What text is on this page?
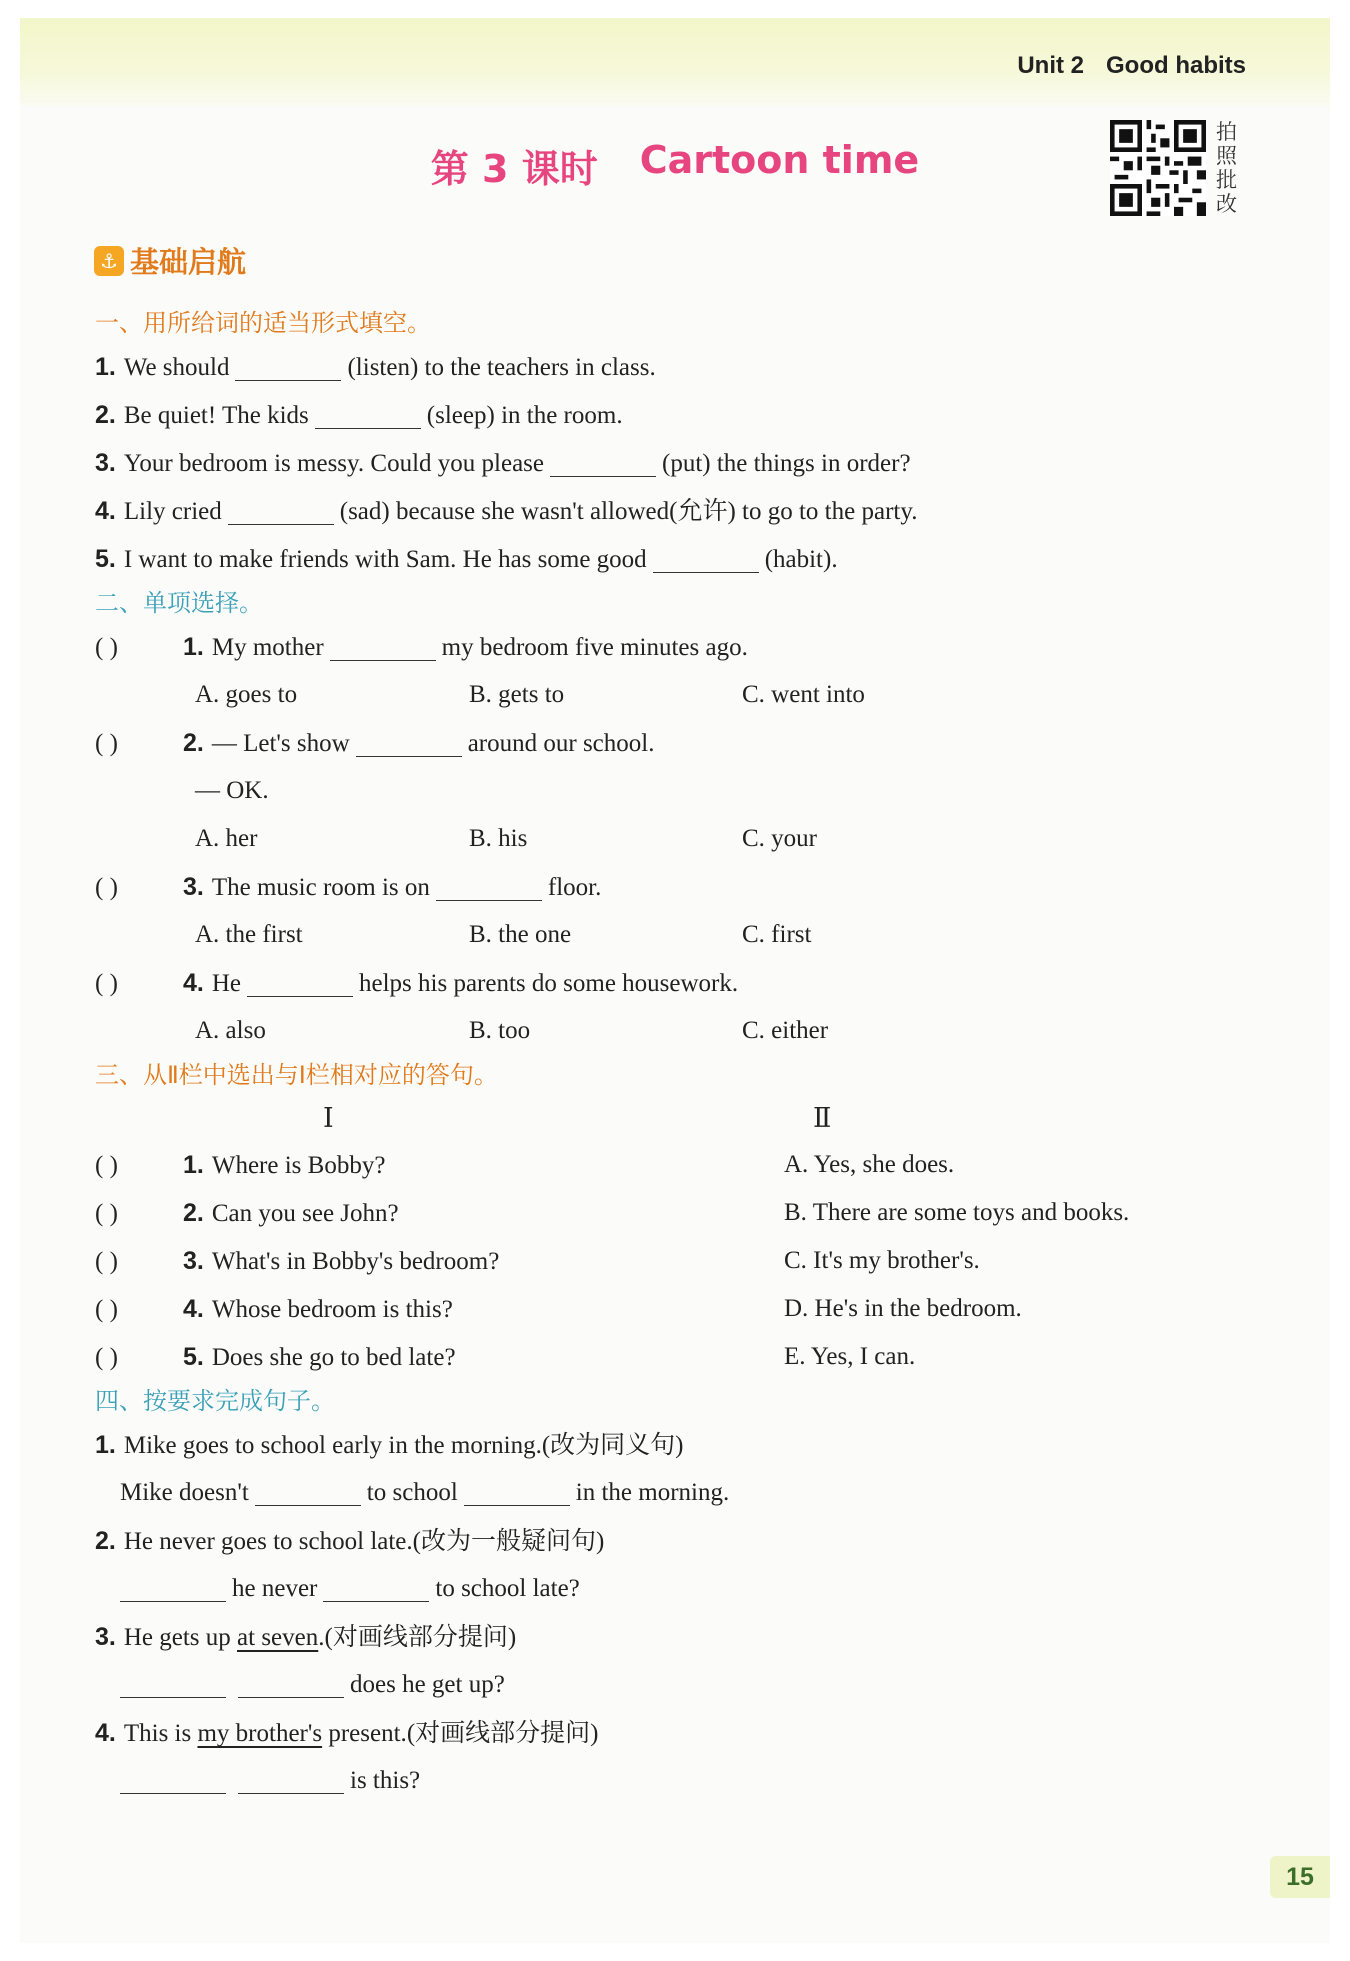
Unit 2 Good habits
第 3 课时 Cartoon time
拍
照
批
改
⚓ 基础启航
一、用所给词的适当形式填空。
1. We should	(listen) to the teachers in class.
2. Be quiet! The kids	(sleep) in the room.
3. Your bedroom is messy. Could you please	(put) the things in order?
4. Lily cried	(sad) because she wasn't allowed(允许) to go to the party.
5. I want to make friends with Sam. He has some good	(habit).
二、单项选择。
( )	1. My mother	my bedroom five minutes ago.
A. goes to	B. gets to	C. went into
( )	2. — Let's show	around our school.
— OK.
A. her	B. his	C. your
( )	3. The music room is on	floor.
A. the first	B. the one	C. first
( )	4. He	helps his parents do some housework.
A. also	B. too	C. either
三、从Ⅱ栏中选出与Ⅰ栏相对应的答句。
Ⅰ	Ⅱ
( )	1. Where is Bobby?	A. Yes, she does.
( )	2. Can you see John?	B. There are some toys and books.
( )	3. What's in Bobby's bedroom?	C. It's my brother's.
( )	4. Whose bedroom is this?	D. He's in the bedroom.
( )	5. Does she go to bed late?	E. Yes, I can.
四、按要求完成句子。
1. Mike goes to school early in the morning.(改为同义句)
Mike doesn't	to school	in the morning.
2. He never goes to school late.(改为一般疑问句)
he never	to school late?
3. He gets up at seven.(对画线部分提问)
does he get up?
4. This is my brother's present.(对画线部分提问)
is this?
15
